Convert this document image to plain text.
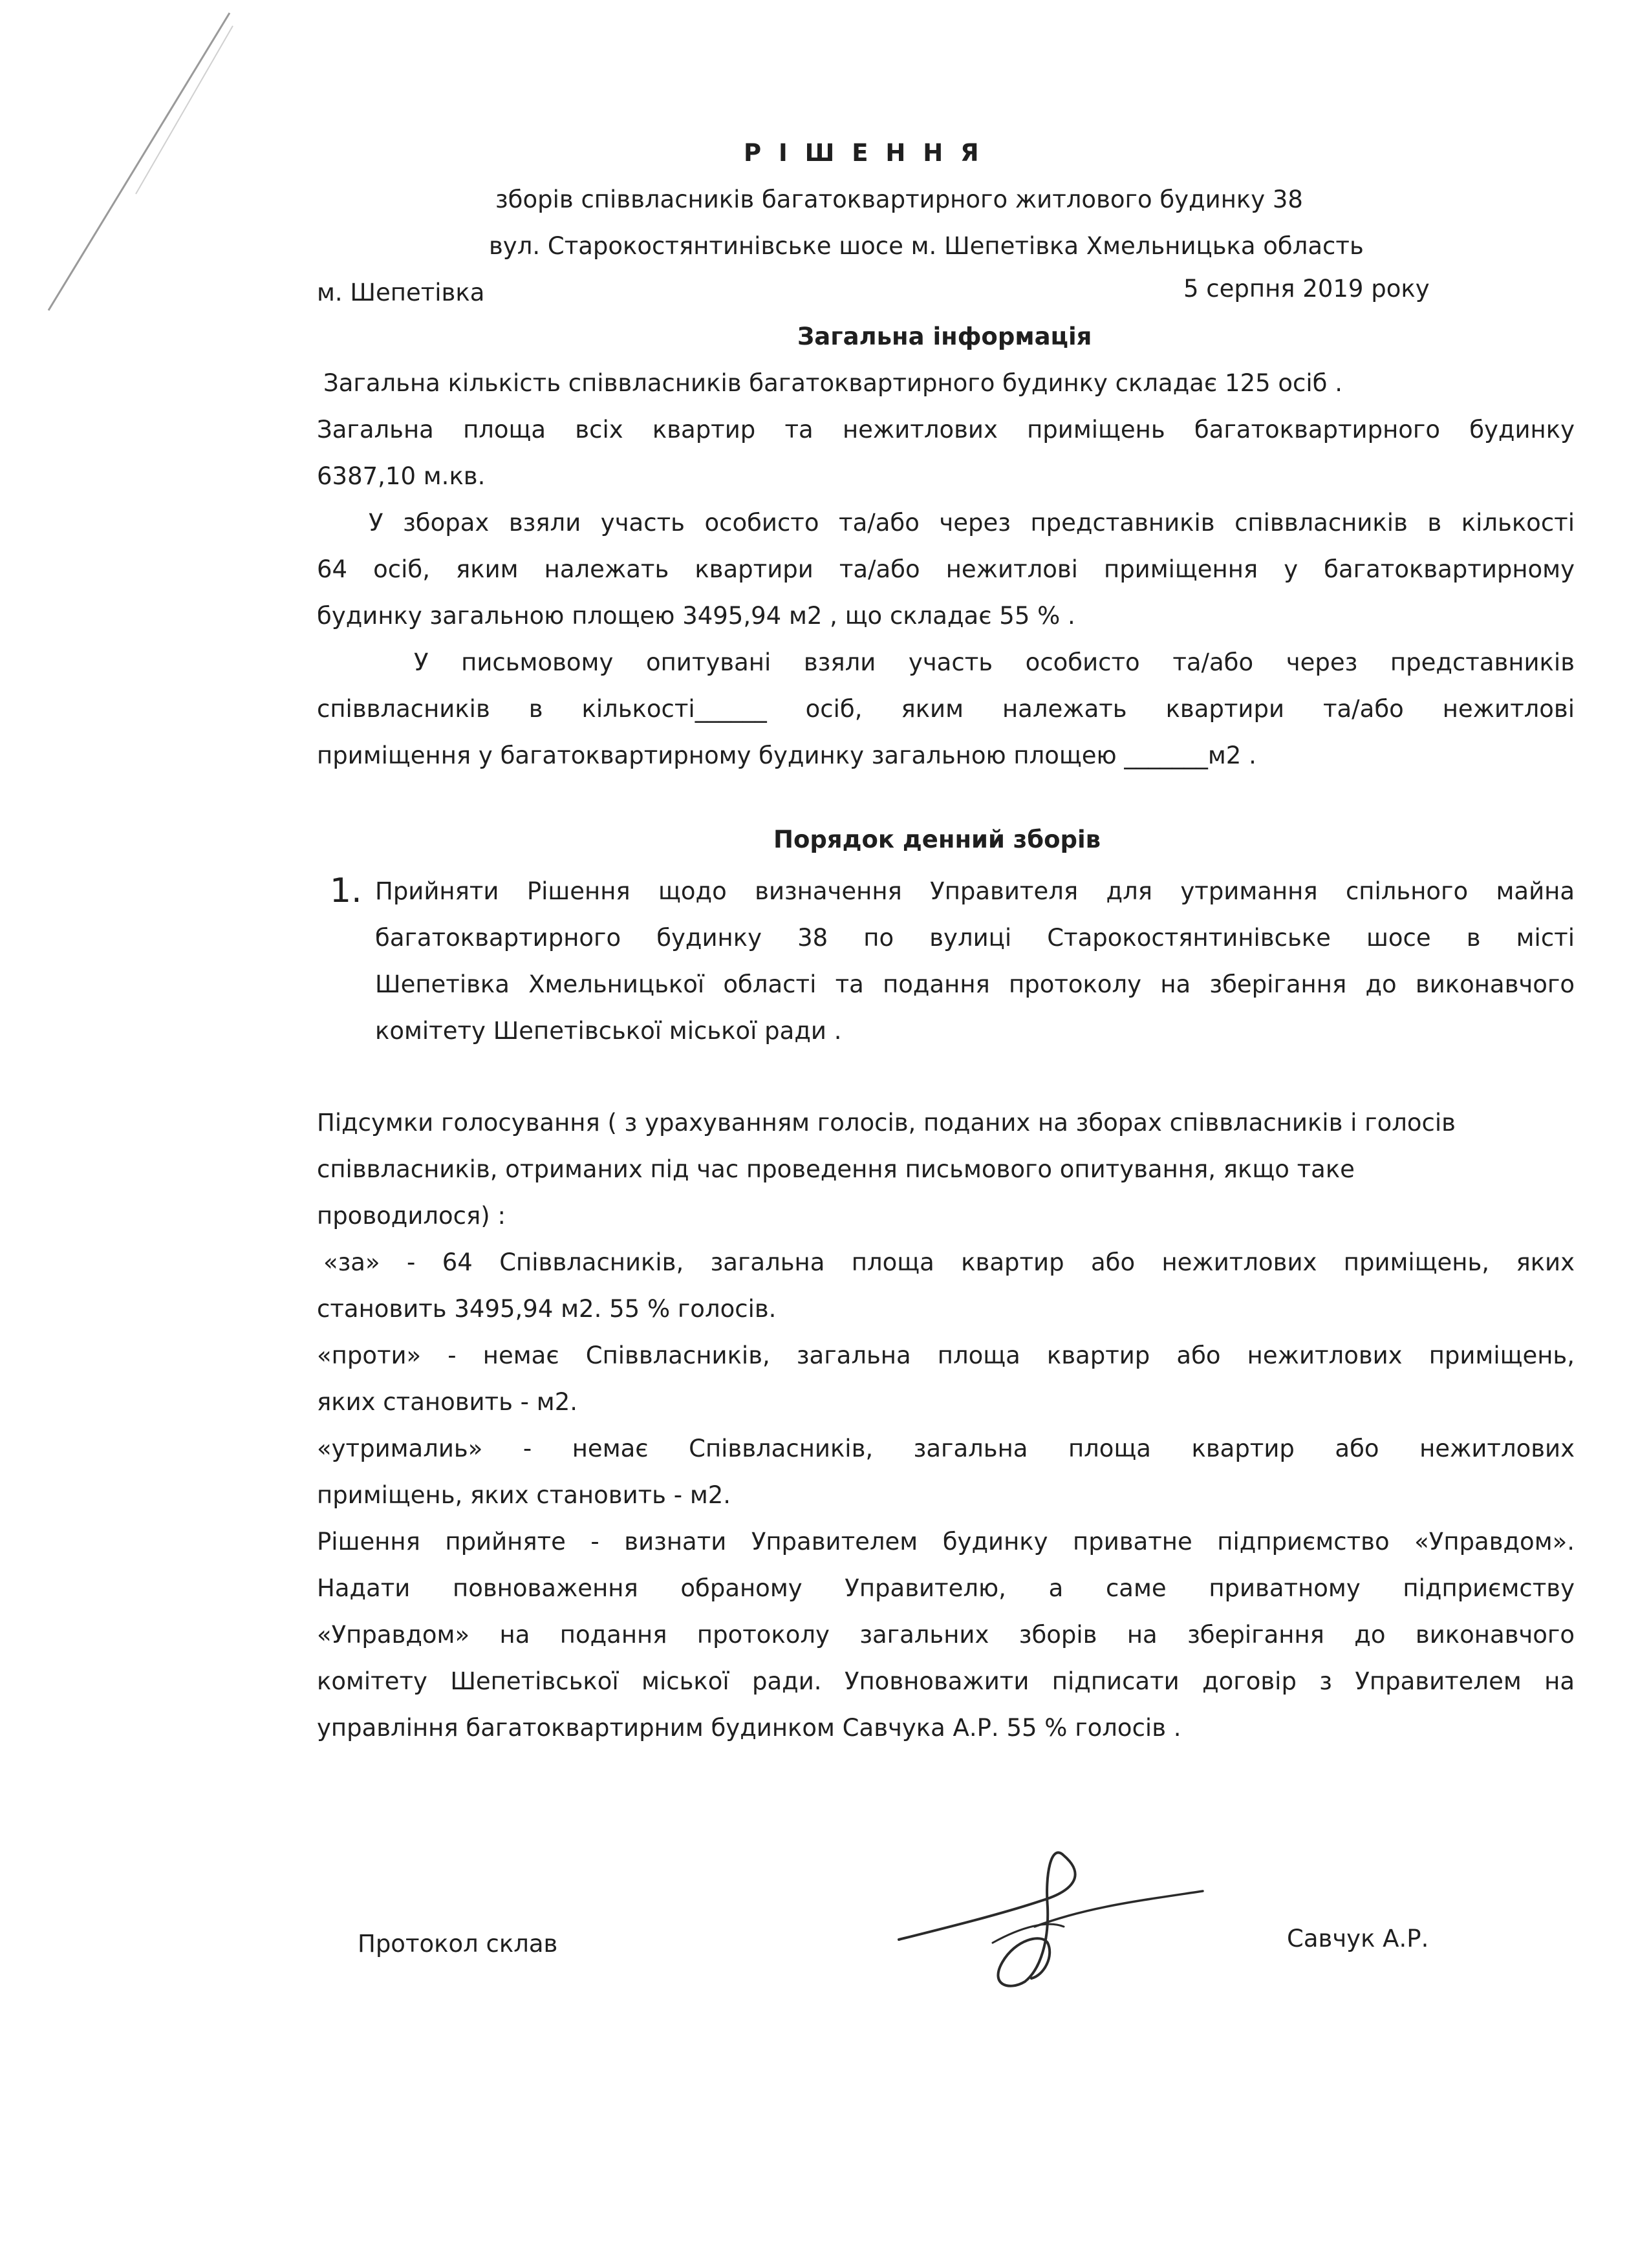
Р І Ш Е Н Н Я
зборів співвласників багатоквартирного житлового будинку 38
вул. Старокостянтинівське шосе м. Шепетівка Хмельницька область
м. Шепетівка	5 серпня 2019 року
Загальна інформація
Загальна кількість співвласників багатоквартирного будинку складає 125 осіб .
Загальна площа всіх квартир та нежитлових приміщень багатоквартирного будинку
6387,10 м.кв.
У зборах взяли участь особисто та/або через представників співвласників в кількості
64 осіб, яким належать квартири та/або нежитлові приміщення у багатоквартирному
будинку загальною площею 3495,94 м2 , що складає 55 % .
У письмовому опитувані взяли участь особисто та/або через представників
співвласників в кількості______ осіб, яким належать квартири та/або нежитлові
приміщення у багатоквартирному будинку загальною площею _______м2 .
Порядок денний зборів
1. Прийняти Рішення щодо визначення Управителя для утримання спільного майна
багатоквартирного будинку 38 по вулиці Старокостянтинівське шосе в місті
Шепетівка Хмельницької області та подання протоколу на зберігання до виконавчого
комітету Шепетівської міської ради .
Підсумки голосування ( з урахуванням голосів, поданих на зборах співвласників і голосів
співвласників, отриманих під час проведення письмового опитування, якщо таке
проводилося) :
«за» - 64 Співвласників, загальна площа квартир або нежитлових приміщень, яких
становить 3495,94 м2. 55 % голосів.
«проти» - немає Співвласників, загальна площа квартир або нежитлових приміщень,
яких становить - м2.
«утрималиь» - немає Співвласників, загальна площа квартир або нежитлових
приміщень, яких становить - м2.
Рішення прийняте - визнати Управителем будинку приватне підприємство «Управдом».
Надати повноваження обраному Управителю, а саме приватному підприємству
«Управдом» на подання протоколу загальних зборів на зберігання до виконавчого
комітету Шепетівської міської ради. Уповноважити підписати договір з Управителем на
управління багатоквартирним будинком Савчука А.Р. 55 % голосів .
Протокол склав	Савчук А.Р.
